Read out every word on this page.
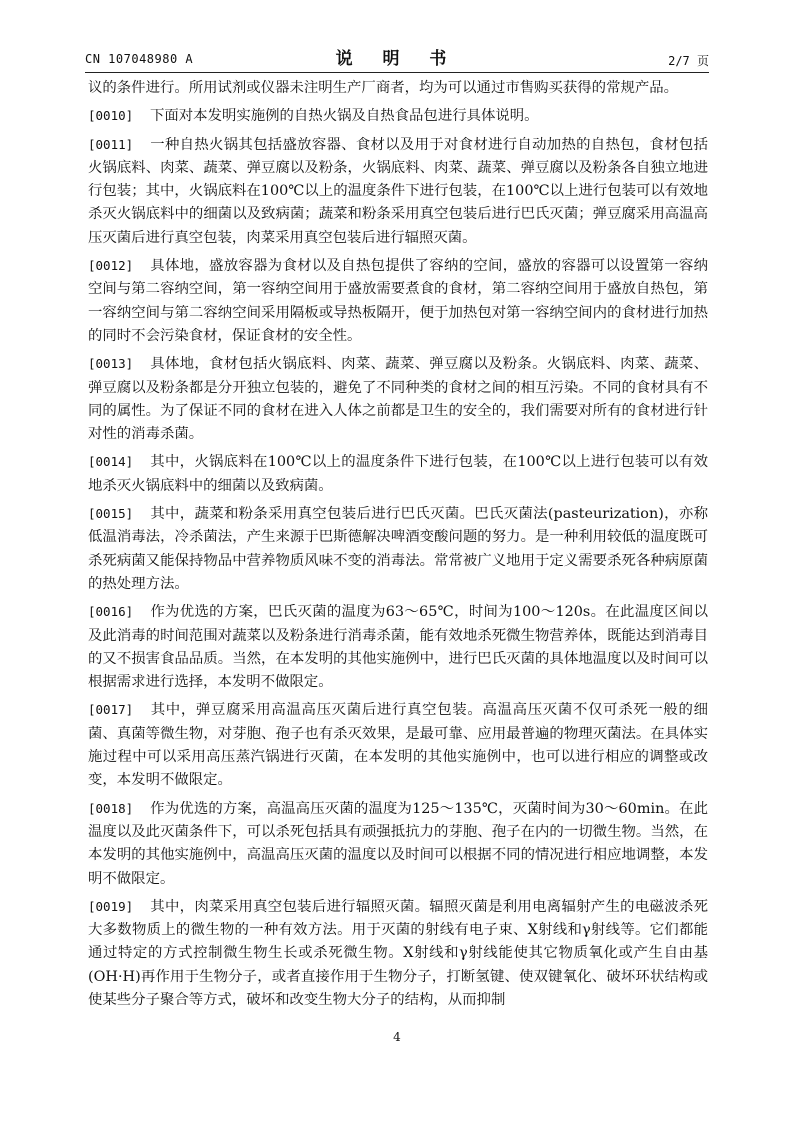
CN 107048980 A	说 明 书	2/7 页

议的条件进行。所用试剂或仪器未注明生产厂商者，均为可以通过市售购买获得的常规产品。

[0010] 下面对本发明实施例的自热火锅及自热食品包进行具体说明。

[0011] 一种自热火锅其包括盛放容器、食材以及用于对食材进行自动加热的自热包，食材包括火锅底料、肉菜、蔬菜、弹豆腐以及粉条，火锅底料、肉菜、蔬菜、弹豆腐以及粉条各自独立地进行包装；其中，火锅底料在100℃以上的温度条件下进行包装，在100℃以上进行包装可以有效地杀灭火锅底料中的细菌以及致病菌；蔬菜和粉条采用真空包装后进行巴氏灭菌；弹豆腐采用高温高压灭菌后进行真空包装，肉菜采用真空包装后进行辐照灭菌。

[0012] 具体地，盛放容器为食材以及自热包提供了容纳的空间，盛放的容器可以设置第一容纳空间与第二容纳空间，第一容纳空间用于盛放需要煮食的食材，第二容纳空间用于盛放自热包，第一容纳空间与第二容纳空间采用隔板或导热板隔开，便于加热包对第一容纳空间内的食材进行加热的同时不会污染食材，保证食材的安全性。

[0013] 具体地，食材包括火锅底料、肉菜、蔬菜、弹豆腐以及粉条。火锅底料、肉菜、蔬菜、弹豆腐以及粉条都是分开独立包装的，避免了不同种类的食材之间的相互污染。不同的食材具有不同的属性。为了保证不同的食材在进入人体之前都是卫生的安全的，我们需要对所有的食材进行针对性的消毒杀菌。

[0014] 其中，火锅底料在100℃以上的温度条件下进行包装，在100℃以上进行包装可以有效地杀灭火锅底料中的细菌以及致病菌。

[0015] 其中，蔬菜和粉条采用真空包装后进行巴氏灭菌。巴氏灭菌法(pasteurization)，亦称低温消毒法，冷杀菌法，产生来源于巴斯德解决啤酒变酸问题的努力。是一种利用较低的温度既可杀死病菌又能保持物品中营养物质风味不变的消毒法。常常被广义地用于定义需要杀死各种病原菌的热处理方法。

[0016] 作为优选的方案，巴氏灭菌的温度为63～65℃，时间为100～120s。在此温度区间以及此消毒的时间范围对蔬菜以及粉条进行消毒杀菌，能有效地杀死微生物营养体，既能达到消毒目的又不损害食品品质。当然，在本发明的其他实施例中，进行巴氏灭菌的具体地温度以及时间可以根据需求进行选择，本发明不做限定。

[0017] 其中，弹豆腐采用高温高压灭菌后进行真空包装。高温高压灭菌不仅可杀死一般的细菌、真菌等微生物，对芽胞、孢子也有杀灭效果，是最可靠、应用最普遍的物理灭菌法。在具体实施过程中可以采用高压蒸汽锅进行灭菌，在本发明的其他实施例中，也可以进行相应的调整或改变，本发明不做限定。

[0018] 作为优选的方案，高温高压灭菌的温度为125～135℃，灭菌时间为30～60min。在此温度以及此灭菌条件下，可以杀死包括具有顽强抵抗力的芽胞、孢子在内的一切微生物。当然，在本发明的其他实施例中，高温高压灭菌的温度以及时间可以根据不同的情况进行相应地调整，本发明不做限定。

[0019] 其中，肉菜采用真空包装后进行辐照灭菌。辐照灭菌是利用电离辐射产生的电磁波杀死大多数物质上的微生物的一种有效方法。用于灭菌的射线有电子束、X射线和γ射线等。它们都能通过特定的方式控制微生物生长或杀死微生物。X射线和γ射线能使其它物质氧化或产生自由基(OH·H)再作用于生物分子，或者直接作用于生物分子，打断氢键、使双键氧化、破坏环状结构或使某些分子聚合等方式，破坏和改变生物大分子的结构，从而抑制

4
